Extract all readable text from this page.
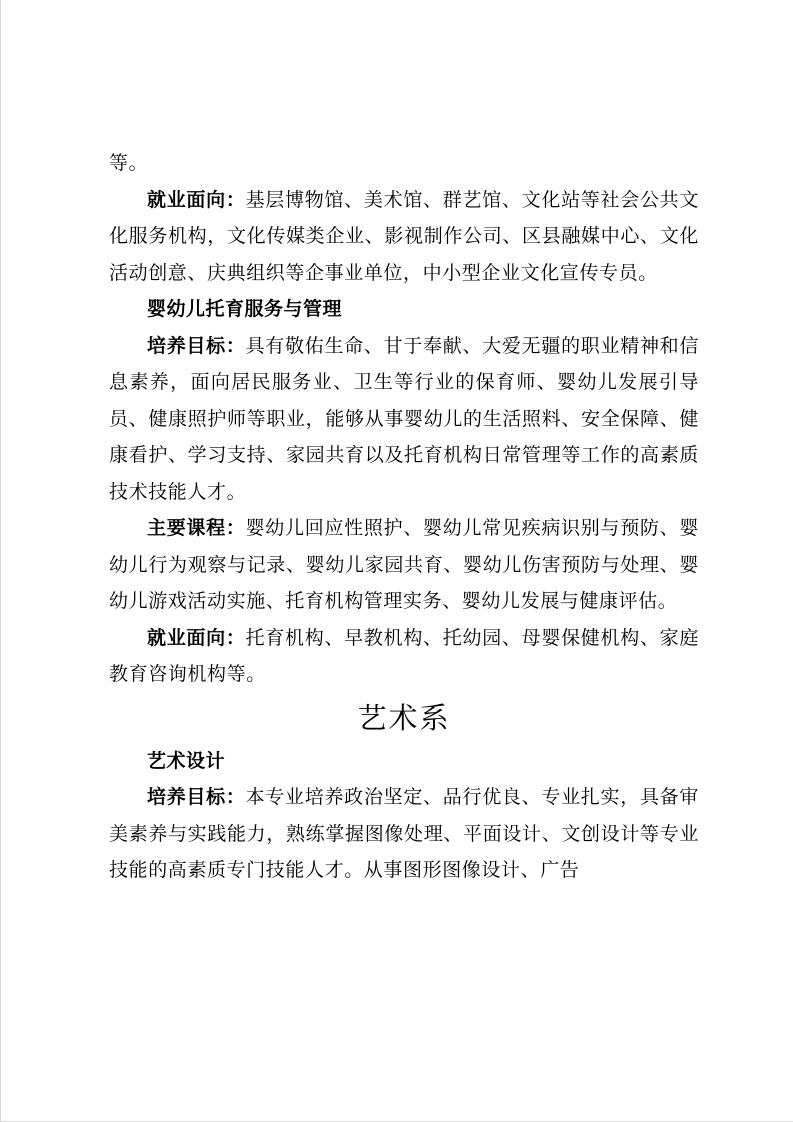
等。

就业面向：基层博物馆、美术馆、群艺馆、文化站等社会公共文化服务机构，文化传媒类企业、影视制作公司、区县融媒中心、文化活动创意、庆典组织等企事业单位，中小型企业文化宣传专员。

婴幼儿托育服务与管理

培养目标：具有敬佑生命、甘于奉献、大爱无疆的职业精神和信息素养，面向居民服务业、卫生等行业的保育师、婴幼儿发展引导员、健康照护师等职业，能够从事婴幼儿的生活照料、安全保障、健康看护、学习支持、家园共育以及托育机构日常管理等工作的高素质技术技能人才。

主要课程：婴幼儿回应性照护、婴幼儿常见疾病识别与预防、婴幼儿行为观察与记录、婴幼儿家园共育、婴幼儿伤害预防与处理、婴幼儿游戏活动实施、托育机构管理实务、婴幼儿发展与健康评估。

就业面向：托育机构、早教机构、托幼园、母婴保健机构、家庭教育咨询机构等。

艺术系
艺术设计

培养目标：本专业培养政治坚定、品行优良、专业扎实，具备审美素养与实践能力，熟练掌握图像处理、平面设计、文创设计等专业技能的高素质专门技能人才。从事图形图像设计、广告
